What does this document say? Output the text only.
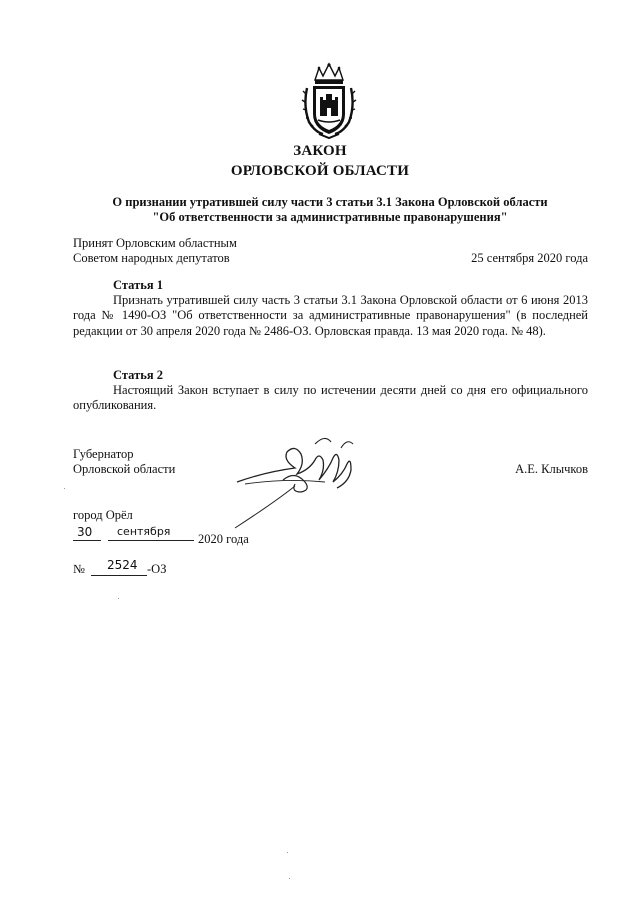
ЗАКОН
ОРЛОВСКОЙ ОБЛАСТИ
О признании утратившей силу части 3 статьи 3.1 Закона Орловской области
"Об ответственности за административные правонарушения"
Принят Орловским областным
Советом народных депутатов	25 сентября 2020 года
Статья 1

Признать утратившей силу часть 3 статьи 3.1 Закона Орловской области от 6 июня 2013 года № 1490-ОЗ "Об ответственности за административные правонарушения" (в последней редакции от 30 апреля 2020 года № 2486-ОЗ. Орловская правда. 13 мая 2020 года. № 48).

Статья 2

Настоящий Закон вступает в силу по истечении десяти дней со дня его официального опубликования.

Губернатор
Орловской области	А.Е. Клычков
город Орёл
30 сентября
2020 года
№ 2524 -ОЗ
